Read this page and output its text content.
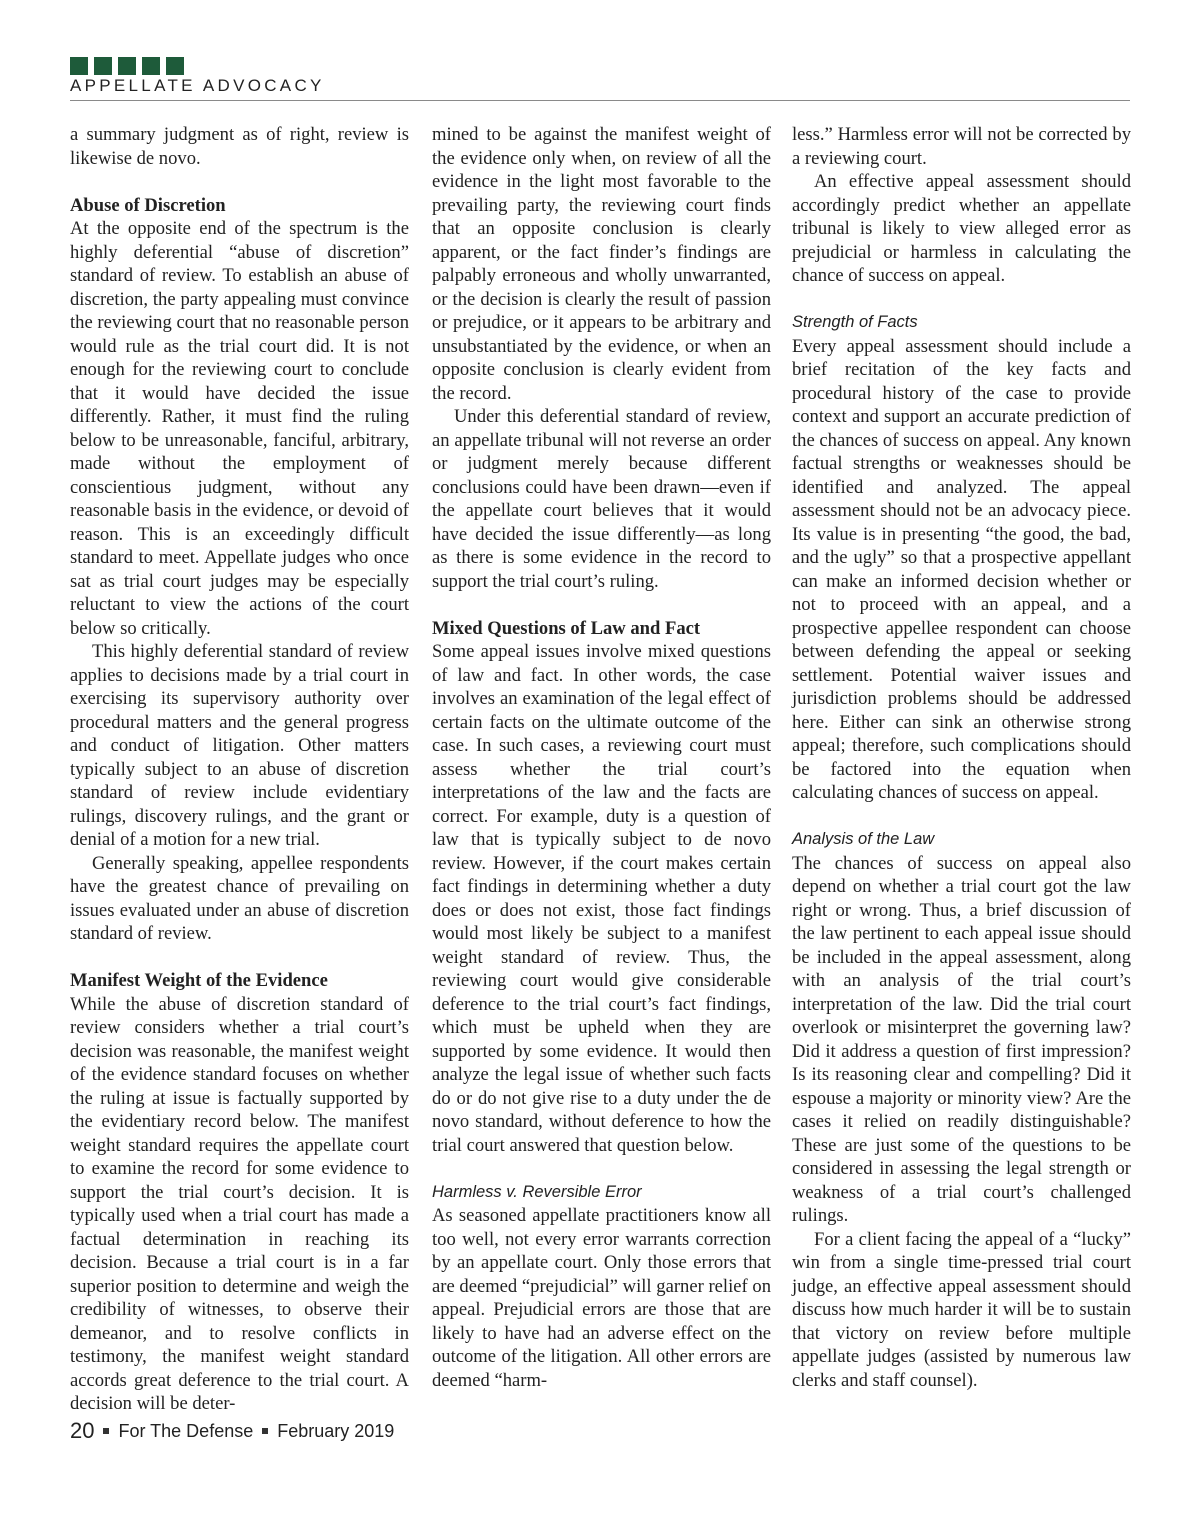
APPELLATE ADVOCACY

a summary judgment as of right, review is likewise de novo.

Abuse of Discretion

At the opposite end of the spectrum is the highly deferential “abuse of discretion” standard of review. To establish an abuse of discretion, the party appealing must convince the reviewing court that no reasonable person would rule as the trial court did. It is not enough for the reviewing court to conclude that it would have decided the issue differently. Rather, it must find the ruling below to be unreasonable, fanciful, arbitrary, made without the employment of conscientious judgment, without any reasonable basis in the evidence, or devoid of reason. This is an exceedingly difficult standard to meet. Appellate judges who once sat as trial court judges may be especially reluctant to view the actions of the court below so critically.

This highly deferential standard of review applies to decisions made by a trial court in exercising its supervisory authority over procedural matters and the general progress and conduct of litigation. Other matters typically subject to an abuse of discretion standard of review include evidentiary rulings, discovery rulings, and the grant or denial of a motion for a new trial.

Generally speaking, appellee respondents have the greatest chance of prevailing on issues evaluated under an abuse of discretion standard of review.

Manifest Weight of the Evidence

While the abuse of discretion standard of review considers whether a trial court’s decision was reasonable, the manifest weight of the evidence standard focuses on whether the ruling at issue is factually supported by the evidentiary record below. The manifest weight standard requires the appellate court to examine the record for some evidence to support the trial court’s decision. It is typically used when a trial court has made a factual determination in reaching its decision. Because a trial court is in a far superior position to determine and weigh the credibility of witnesses, to observe their demeanor, and to resolve conflicts in testimony, the manifest weight standard accords great deference to the trial court. A decision will be deter-

mined to be against the manifest weight of the evidence only when, on review of all the evidence in the light most favorable to the prevailing party, the reviewing court finds that an opposite conclusion is clearly apparent, or the fact finder’s findings are palpably erroneous and wholly unwarranted, or the decision is clearly the result of passion or prejudice, or it appears to be arbitrary and unsubstantiated by the evidence, or when an opposite conclusion is clearly evident from the record.

Under this deferential standard of review, an appellate tribunal will not reverse an order or judgment merely because different conclusions could have been drawn—even if the appellate court believes that it would have decided the issue differently—as long as there is some evidence in the record to support the trial court’s ruling.

Mixed Questions of Law and Fact

Some appeal issues involve mixed questions of law and fact. In other words, the case involves an examination of the legal effect of certain facts on the ultimate outcome of the case. In such cases, a reviewing court must assess whether the trial court’s interpretations of the law and the facts are correct. For example, duty is a question of law that is typically subject to de novo review. However, if the court makes certain fact findings in determining whether a duty does or does not exist, those fact findings would most likely be subject to a manifest weight standard of review. Thus, the reviewing court would give considerable deference to the trial court’s fact findings, which must be upheld when they are supported by some evidence. It would then analyze the legal issue of whether such facts do or do not give rise to a duty under the de novo standard, without deference to how the trial court answered that question below.

Harmless v. Reversible Error

As seasoned appellate practitioners know all too well, not every error warrants correction by an appellate court. Only those errors that are deemed “prejudicial” will garner relief on appeal. Prejudicial errors are those that are likely to have had an adverse effect on the outcome of the litigation. All other errors are deemed “harm-

less.” Harmless error will not be corrected by a reviewing court.

An effective appeal assessment should accordingly predict whether an appellate tribunal is likely to view alleged error as prejudicial or harmless in calculating the chance of success on appeal.

Strength of Facts

Every appeal assessment should include a brief recitation of the key facts and procedural history of the case to provide context and support an accurate prediction of the chances of success on appeal. Any known factual strengths or weaknesses should be identified and analyzed. The appeal assessment should not be an advocacy piece. Its value is in presenting “the good, the bad, and the ugly” so that a prospective appellant can make an informed decision whether or not to proceed with an appeal, and a prospective appellee respondent can choose between defending the appeal or seeking settlement. Potential waiver issues and jurisdiction problems should be addressed here. Either can sink an otherwise strong appeal; therefore, such complications should be factored into the equation when calculating chances of success on appeal.

Analysis of the Law

The chances of success on appeal also depend on whether a trial court got the law right or wrong. Thus, a brief discussion of the law pertinent to each appeal issue should be included in the appeal assessment, along with an analysis of the trial court’s interpretation of the law. Did the trial court overlook or misinterpret the governing law? Did it address a question of first impression? Is its reasoning clear and compelling? Did it espouse a majority or minority view? Are the cases it relied on readily distinguishable? These are just some of the questions to be considered in assessing the legal strength or weakness of a trial court’s challenged rulings.

For a client facing the appeal of a “lucky” win from a single time-pressed trial court judge, an effective appeal assessment should discuss how much harder it will be to sustain that victory on review before multiple appellate judges (assisted by numerous law clerks and staff counsel).

20 For The Defense February 2019
